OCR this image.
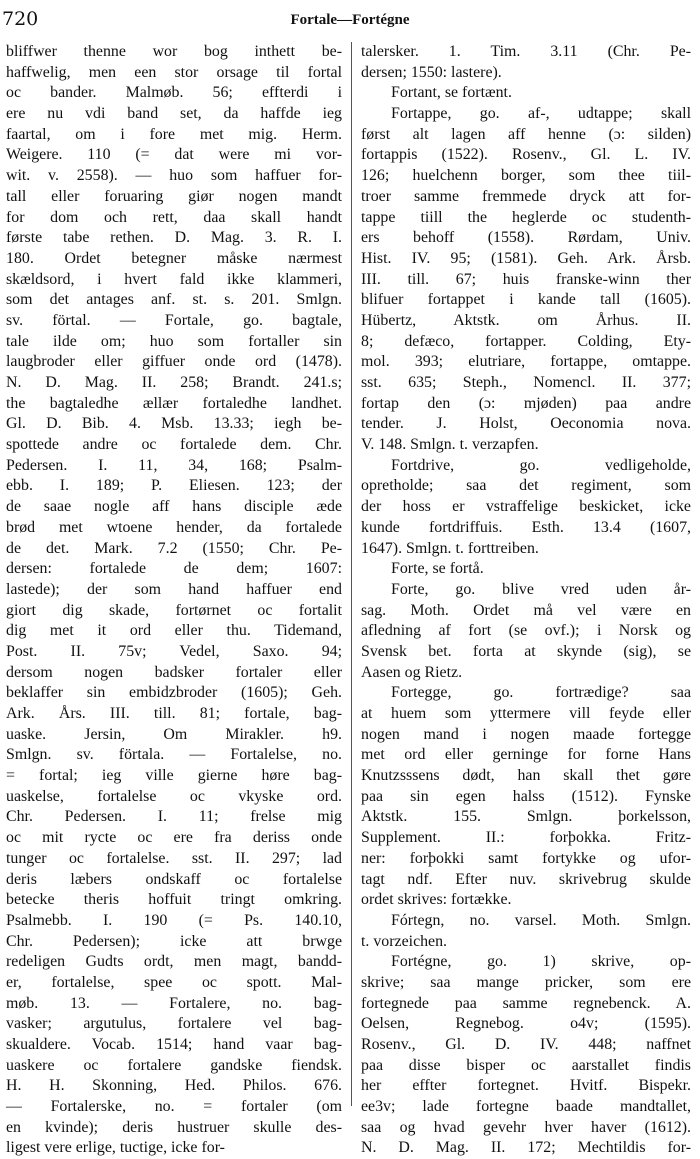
720	Fortale—Fortégne
bliffwer thenne wor bog inthett be-
haffwelig, men een stor orsage til fortal
oc bander. Malmøb. 56; effterdi i
ere nu vdi band set, da haffde ieg
faartal, om i fore met mig. Herm.
Weigere. 110 (= dat were mi vor-
wit. v. 2558). — huo som haffuer for-
tall eller foruaring giør nogen mandt
for dom och rett, daa skall handt
første tabe rethen. D. Mag. 3. R. I.
180. Ordet betegner måske nærmest
skældsord, i hvert fald ikke klammeri,
som det antages anf. st. s. 201. Smlgn.
sv. förtal. — Fortale, go. bagtale,
tale ilde om; huo som fortaller sin
laugbroder eller giffuer onde ord (1478).
N. D. Mag. II. 258; Brandt. 241.s;
the bagtaledhe ællær fortaledhe landhet.
Gl. D. Bib. 4. Msb. 13.33; iegh be-
spottede andre oc fortalede dem. Chr.
Pedersen. I. 11, 34, 168; Psalm-
ebb. I. 189; P. Eliesen. 123; der
de saae nogle aff hans disciple æde
brød met wtoene hender, da fortalede
de det. Mark. 7.2 (1550; Chr. Pe-
dersen: fortalede de dem; 1607:
lastede); der som hand haffuer end
giort dig skade, fortørnet oc fortalit
dig met it ord eller thu. Tidemand,
Post. II. 75v; Vedel, Saxo. 94;
dersom nogen badsker fortaler eller
beklaffer sin embidzbroder (1605); Geh.
Ark. Års. III. till. 81; fortale, bag-
uaske. Jersin, Om Mirakler. h9.
Smlgn. sv. förtala. — Fortalelse, no.
= fortal; ieg ville gierne høre bag-
uaskelse, fortalelse oc vkyske ord.
Chr. Pedersen. I. 11; frelse mig
oc mit rycte oc ere fra deriss onde
tunger oc fortalelse. sst. II. 297; lad
deris læbers ondskaff oc fortalelse
betecke theris hoffuit tringt omkring.
Psalmebb. I. 190 (= Ps. 140.10,
Chr. Pedersen); icke att brwge
redeligen Gudts ordt, men magt, bandd-
er, fortalelse, spee oc spott. Mal-
møb. 13. — Fortalere, no. bag-
vasker; argutulus, fortalere vel bag-
skualdere. Vocab. 1514; hand vaar bag-
uaskere oc fortalere gandske fiendsk.
H. H. Skonning, Hed. Philos. 676.
— Fortalerske, no. = fortaler (om
en kvinde); deris hustruer skulle des-
ligest vere erlige, tuctige, icke for-
talersker. 1. Tim. 3.11 (Chr. Pe-
dersen; 1550: lastere).
Fortant, se fortænt.
Fortappe, go. af-, udtappe; skall
først alt lagen aff henne (ɔ: silden)
fortappis (1522). Rosenv., Gl. L. IV.
126; huelchenn borger, som thee tiil-
troer samme fremmede dryck att for-
tappe tiill the heglerde oc studenth-
ers behoff (1558). Rørdam, Univ.
Hist. IV. 95; (1581). Geh. Ark. Årsb.
III. till. 67; huis franske-winn ther
blifuer fortappet i kande tall (1605).
Hübertz, Aktstk. om Århus. II.
8; defæco, fortapper. Colding, Ety-
mol. 393; elutriare, fortappe, omtappe.
sst. 635; Steph., Nomencl. II. 377;
fortap den (ɔ: mjøden) paa andre
tender. J. Holst, Oeconomia nova.
V. 148. Smlgn. t. verzapfen.
Fortdrive, go. vedligeholde,
opretholde; saa det regiment, som
der hoss er vstraffelige beskicket, icke
kunde fortdriffuis. Esth. 13.4 (1607,
1647). Smlgn. t. forttreiben.
Forte, se fortå.
Forte, go. blive vred uden år-
sag. Moth. Ordet må vel være en
afledning af fort (se ovf.); i Norsk og
Svensk bet. forta at skynde (sig), se
Aasen og Rietz.
Fortegge, go. fortrædige? saa
at huem som yttermere vill feyde eller
nogen mand i nogen maade fortegge
met ord eller gerninge for forne Hans
Knutzsssens dødt, han skall thet gøre
paa sin egen halss (1512). Fynske
Aktstk. 155. Smlgn. þorkelsson,
Supplement. II.: forþokka. Fritz-
ner: forþokki samt fortykke og ufor-
tagt ndf. Efter nuv. skrivebrug skulde
ordet skrives: fortække.
Fórtegn, no. varsel. Moth. Smlgn.
t. vorzeichen.
Fortégne, go. 1) skrive, op-
skrive; saa mange pricker, som ere
fortegnede paa samme regnebenck. A.
Oelsen, Regnebog. o4v; (1595).
Rosenv., Gl. D. IV. 448; naffnet
paa disse bisper oc aarstallet findis
her effter fortegnet. Hvitf. Bispekr.
ee3v; lade fortegne baade mandtallet,
saa og hvad gevehr hver haver (1612).
N. D. Mag. II. 172; Mechtildis for-
